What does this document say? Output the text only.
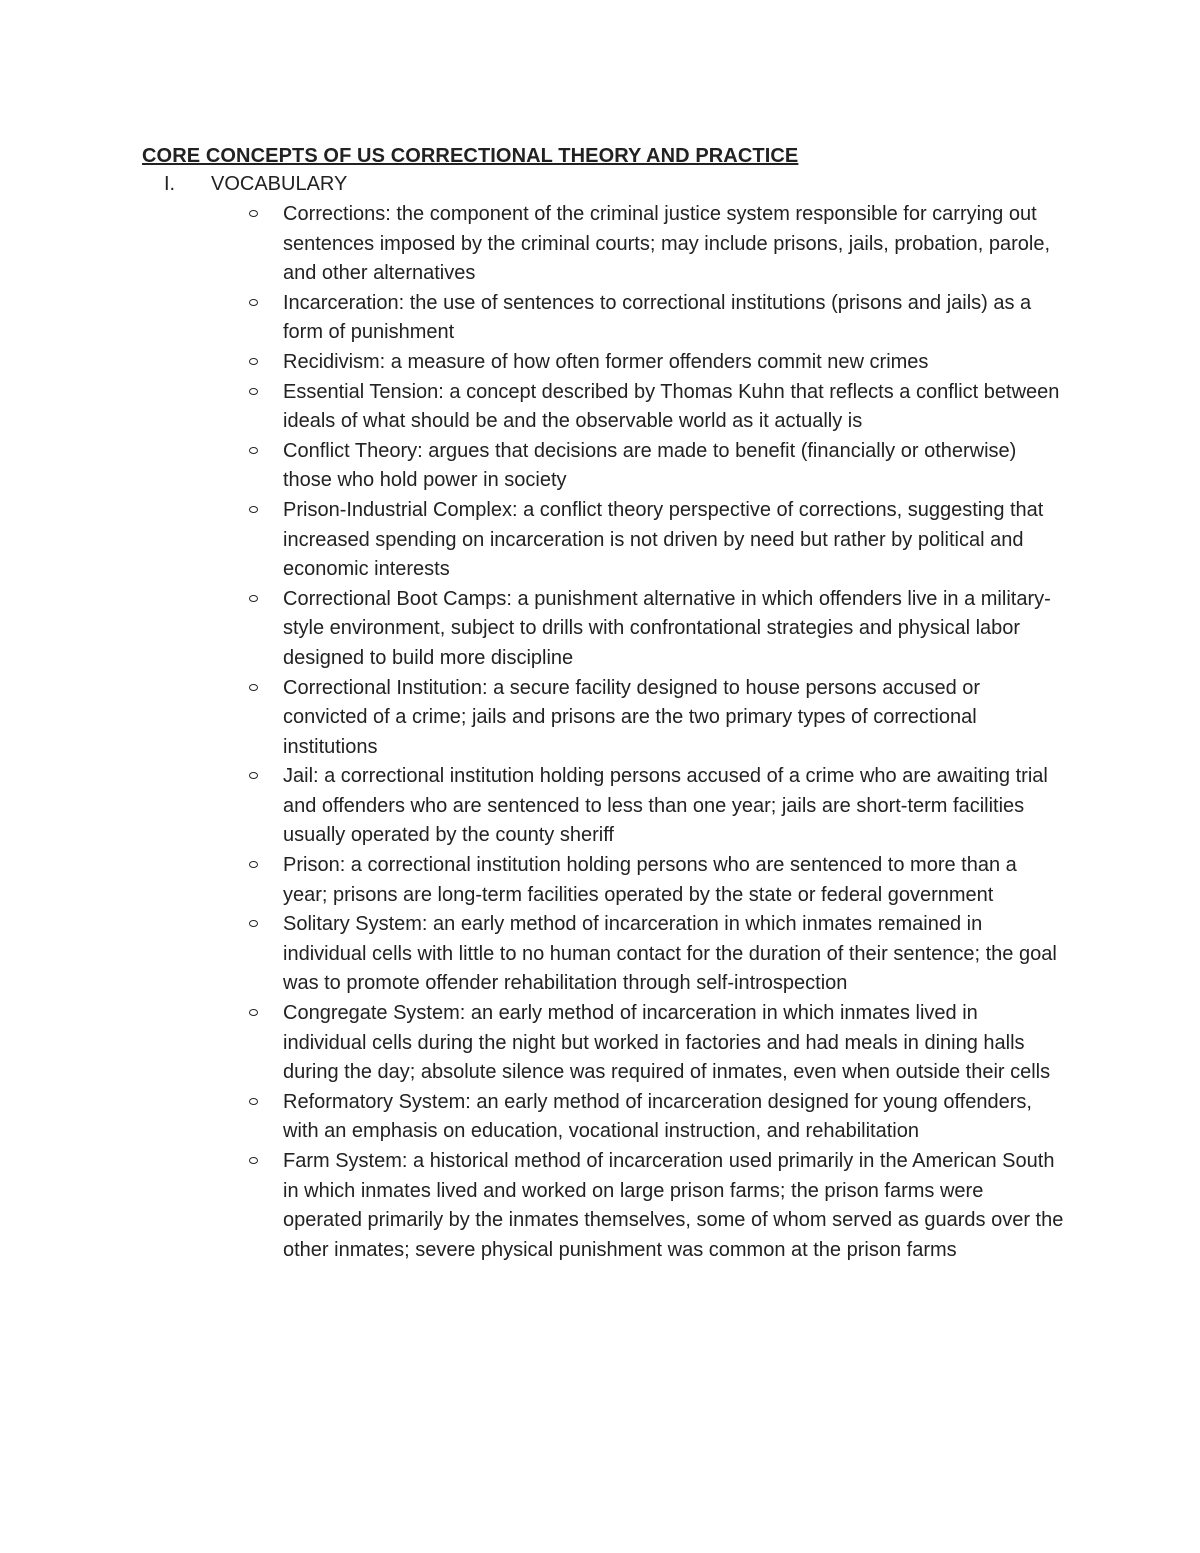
CORE CONCEPTS OF US CORRECTIONAL THEORY AND PRACTICE
I. VOCABULARY
Corrections: the component of the criminal justice system responsible for carrying out sentences imposed by the criminal courts; may include prisons, jails, probation, parole, and other alternatives
Incarceration: the use of sentences to correctional institutions (prisons and jails) as a form of punishment
Recidivism: a measure of how often former offenders commit new crimes
Essential Tension: a concept described by Thomas Kuhn that reflects a conflict between ideals of what should be and the observable world as it actually is
Conflict Theory: argues that decisions are made to benefit (financially or otherwise) those who hold power in society
Prison-Industrial Complex: a conflict theory perspective of corrections, suggesting that increased spending on incarceration is not driven by need but rather by political and economic interests
Correctional Boot Camps: a punishment alternative in which offenders live in a military-style environment, subject to drills with confrontational strategies and physical labor designed to build more discipline
Correctional Institution: a secure facility designed to house persons accused or convicted of a crime; jails and prisons are the two primary types of correctional institutions
Jail: a correctional institution holding persons accused of a crime who are awaiting trial and offenders who are sentenced to less than one year; jails are short-term facilities usually operated by the county sheriff
Prison: a correctional institution holding persons who are sentenced to more than a year; prisons are long-term facilities operated by the state or federal government
Solitary System: an early method of incarceration in which inmates remained in individual cells with little to no human contact for the duration of their sentence; the goal was to promote offender rehabilitation through self-introspection
Congregate System: an early method of incarceration in which inmates lived in individual cells during the night but worked in factories and had meals in dining halls during the day; absolute silence was required of inmates, even when outside their cells
Reformatory System: an early method of incarceration designed for young offenders, with an emphasis on education, vocational instruction, and rehabilitation
Farm System: a historical method of incarceration used primarily in the American South in which inmates lived and worked on large prison farms; the prison farms were operated primarily by the inmates themselves, some of whom served as guards over the other inmates; severe physical punishment was common at the prison farms
